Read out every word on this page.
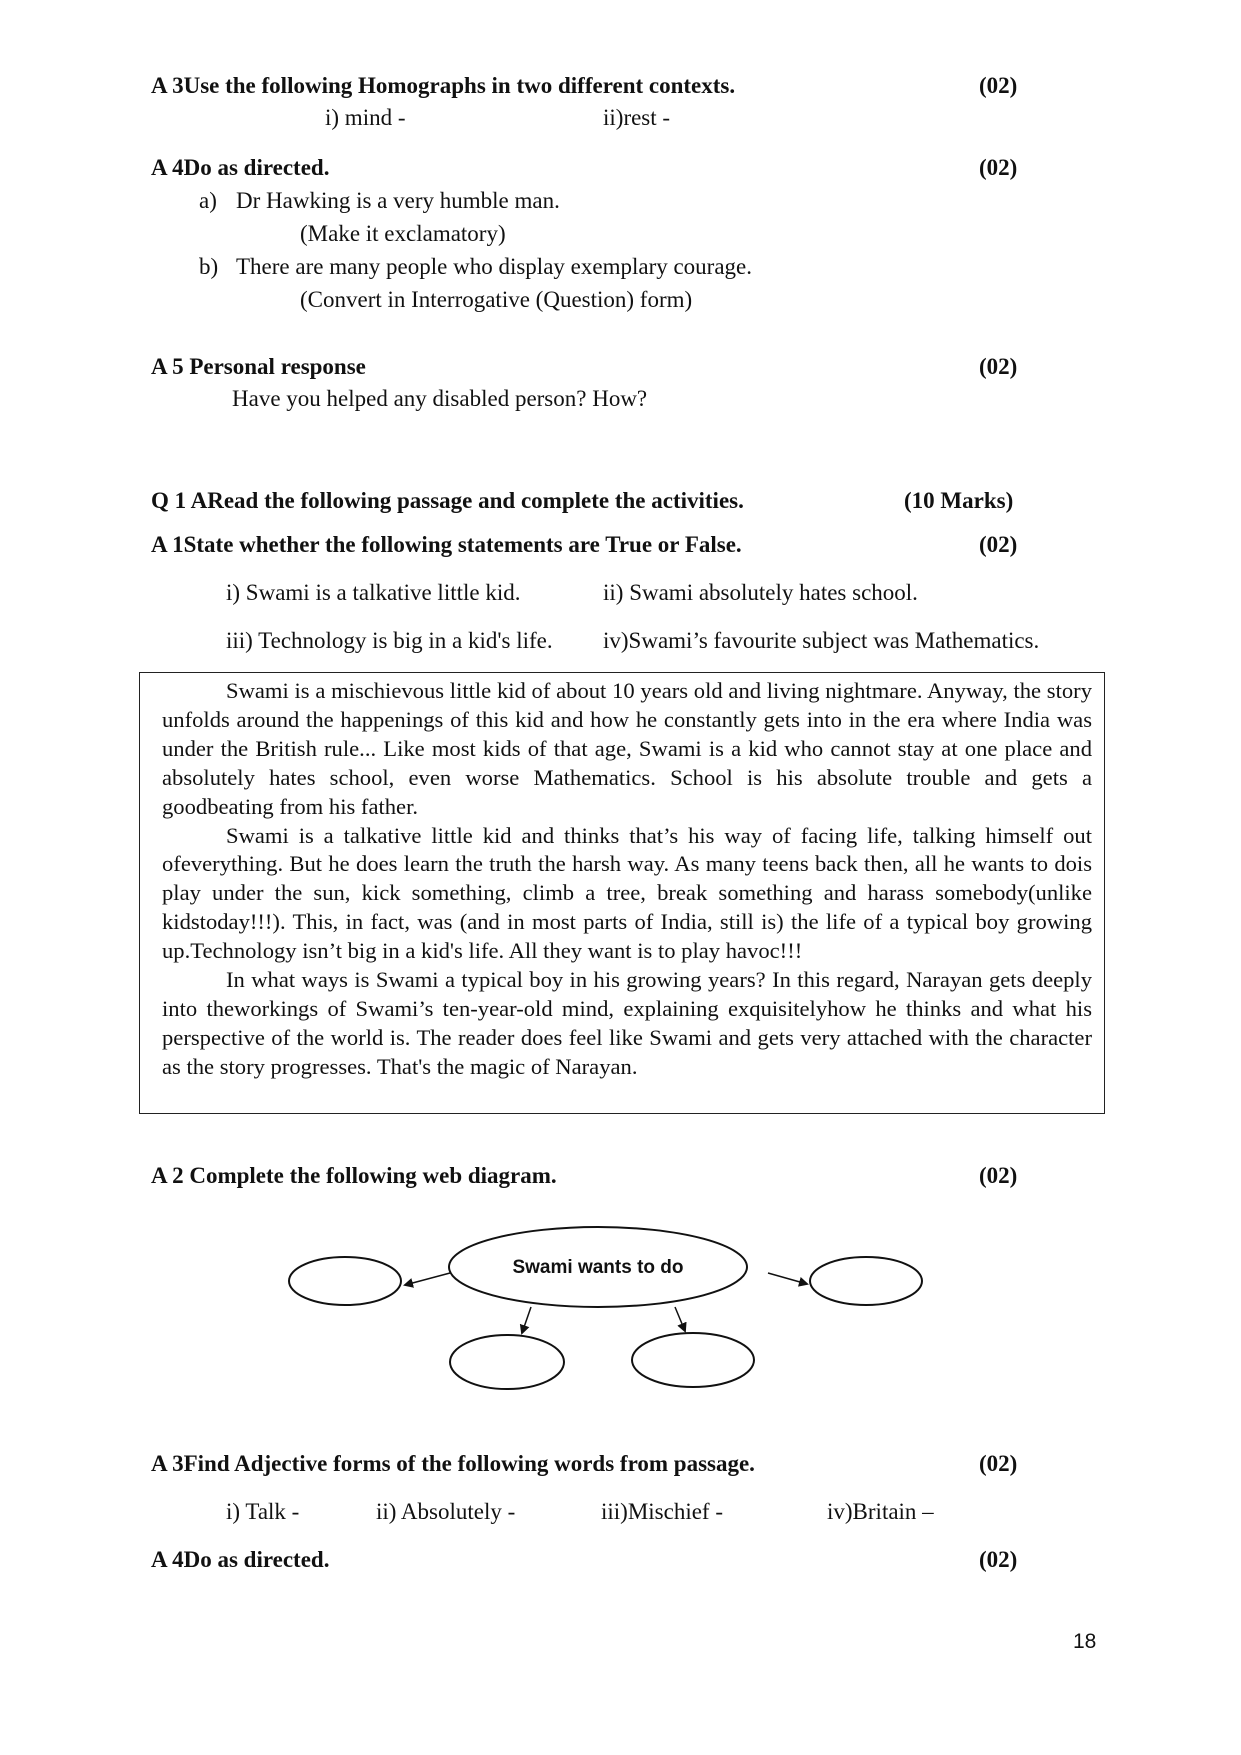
A 3Use the following Homographs in two different contexts.	(02)
i) mind -	ii)rest -
A 4Do as directed.	(02)
a) Dr Hawking is a very humble man.
(Make it exclamatory)
b) There are many people who display exemplary courage.
(Convert in Interrogative (Question) form)
A 5 Personal response	(02)
Have you helped any disabled person? How?
Q 1 ARead the following passage and complete the activities.	(10 Marks)
A 1State whether the following statements are True or False.	(02)
i) Swami is a talkative little kid.	ii) Swami absolutely hates school.
iii) Technology is big in a kid's life. iv)Swami’s favourite subject was Mathematics.

Swami is a mischievous little kid of about 10 years old and living nightmare. Anyway, the story unfolds around the happenings of this kid and how he constantly gets into in the era where India was under the British rule... Like most kids of that age, Swami is a kid who cannot stay at one place and absolutely hates school, even worse Mathematics. School is his absolute trouble and gets a goodbeating from his father.

Swami is a talkative little kid and thinks that’s his way of facing life, talking himself out ofeverything. But he does learn the truth the harsh way. As many teens back then, all he wants to dois play under the sun, kick something, climb a tree, break something and harass somebody(unlike kidstoday!!!). This, in fact, was (and in most parts of India, still is) the life of a typical boy growing up.Technology isn’t big in a kid's life. All they want is to play havoc!!!

In what ways is Swami a typical boy in his growing years? In this regard, Narayan gets deeply into theworkings of Swami’s ten-year-old mind, explaining exquisitelyhow he thinks and what his perspective of the world is. The reader does feel like Swami and gets very attached with the character as the story progresses. That's the magic of Narayan.

A 2 Complete the following web diagram.	(02)
Swami wants to do
A 3Find Adjective forms of the following words from passage.	(02)
i) Talk -	ii) Absolutely -	iii)Mischief -	iv)Britain –
A 4Do as directed.	(02)
18
